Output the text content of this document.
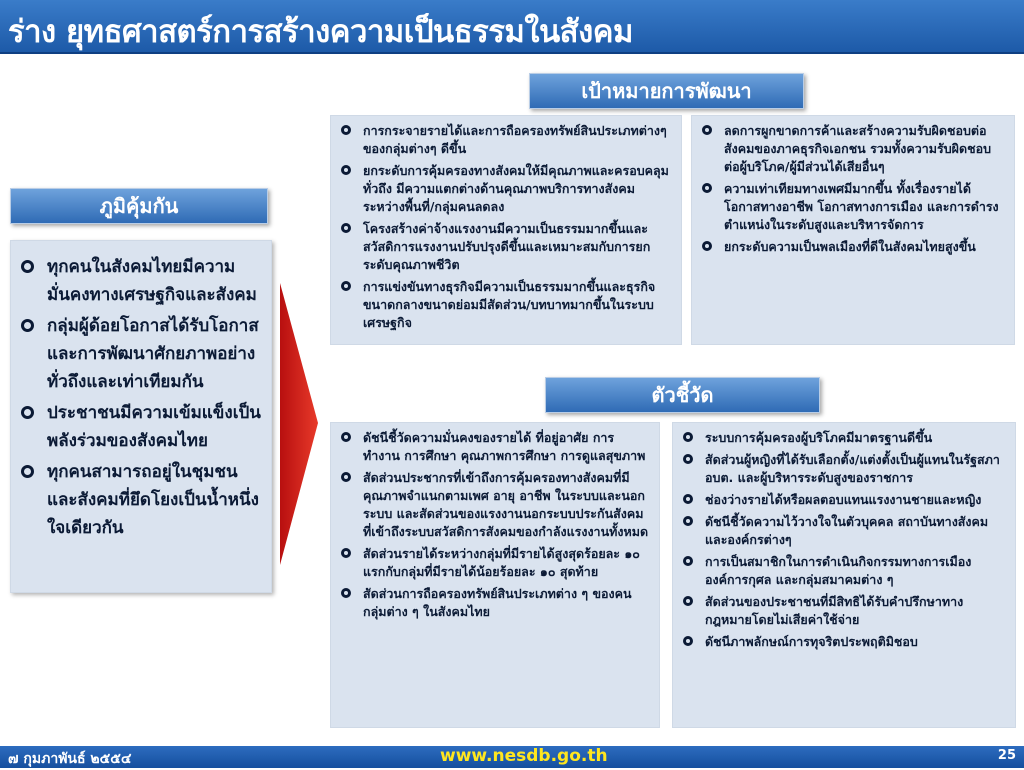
ร่าง ยุทธศาสตร์การสร้างความเป็นธรรมในสังคม
เป้าหมายการพัฒนา
ภูมิคุ้มกัน
ตัวชี้วัด
ทุกคนในสังคมไทยมีความมั่นคงทางเศรษฐกิจและสังคม
กลุ่มผู้ด้อยโอกาสได้รับโอกาสและการพัฒนาศักยภาพอย่างทั่วถึงและเท่าเทียมกัน
ประชาชนมีความเข้มแข็งเป็นพลังร่วมของสังคมไทย
ทุกคนสามารถอยู่ในชุมชนและสังคมที่ยึดโยงเป็นน้ำหนึ่งใจเดียวกัน
การกระจายรายได้และการถือครองทรัพย์สินประเภทต่างๆ ของกลุ่มต่างๆ ดีขึ้น
ยกระดับการคุ้มครองทางสังคมให้มีคุณภาพและครอบคลุมทั่วถึง มีความแตกต่างด้านคุณภาพบริการทางสังคมระหว่างพื้นที่/กลุ่มคนลดลง
โครงสร้างค่าจ้างแรงงานมีความเป็นธรรมมากขึ้นและสวัสดิการแรงงานปรับปรุงดีขึ้นและเหมาะสมกับการยกระดับคุณภาพชีวิต
การแข่งขันทางธุรกิจมีความเป็นธรรมมากขึ้นและธุรกิจขนาดกลางขนาดย่อมมีสัดส่วน/บทบาทมากขึ้นในระบบเศรษฐกิจ
ลดการผูกขาดการค้าและสร้างความรับผิดชอบต่อสังคมของภาคธุรกิจเอกชน รวมทั้งความรับผิดชอบต่อผู้บริโภค/ผู้มีส่วนได้เสียอื่นๆ
ความเท่าเทียมทางเพศมีมากขึ้น ทั้งเรื่องรายได้ โอกาสทางอาชีพ โอกาสทางการเมือง และการดำรงตำแหน่งในระดับสูงและบริหารจัดการ
ยกระดับความเป็นพลเมืองที่ดีในสังคมไทยสูงขึ้น
ดัชนีชี้วัดความมั่นคงของรายได้ ที่อยู่อาศัย การทำงาน การศึกษา คุณภาพการศึกษา การดูแลสุขภาพ
สัดส่วนประชากรที่เข้าถึงการคุ้มครองทางสังคมที่มีคุณภาพจำแนกตามเพศ อายุ อาชีพ ในระบบและนอกระบบ และสัดส่วนของแรงงานนอกระบบประกันสังคมที่เข้าถึงระบบสวัสดิการสังคมของกำลังแรงงานทั้งหมด
สัดส่วนรายได้ระหว่างกลุ่มที่มีรายได้สูงสุดร้อยละ ๑๐ แรกกับกลุ่มที่มีรายได้น้อยร้อยละ ๑๐ สุดท้าย
สัดส่วนการถือครองทรัพย์สินประเภทต่าง ๆ ของคนกลุ่มต่าง ๆ ในสังคมไทย
ระบบการคุ้มครองผู้บริโภคมีมาตรฐานดีขึ้น
สัดส่วนผู้หญิงที่ได้รับเลือกตั้ง/แต่งตั้งเป็นผู้แทนในรัฐสภา อบต. และผู้บริหารระดับสูงของราชการ
ช่องว่างรายได้หรือผลตอบแทนแรงงานชายและหญิง
ดัชนีชี้วัดความไว้วางใจในตัวบุคคล สถาบันทางสังคม และองค์กรต่างๆ
การเป็นสมาชิกในการดำเนินกิจกรรมทางการเมือง องค์การกุศล และกลุ่มสมาคมต่าง ๆ
สัดส่วนของประชาชนที่มีสิทธิได้รับคำปรึกษาทางกฎหมายโดยไม่เสียค่าใช้จ่าย
ดัชนีภาพลักษณ์การทุจริตประพฤติมิชอบ
๗ กุมภาพันธ์ ๒๕๕๔	www.nesdb.go.th	25
